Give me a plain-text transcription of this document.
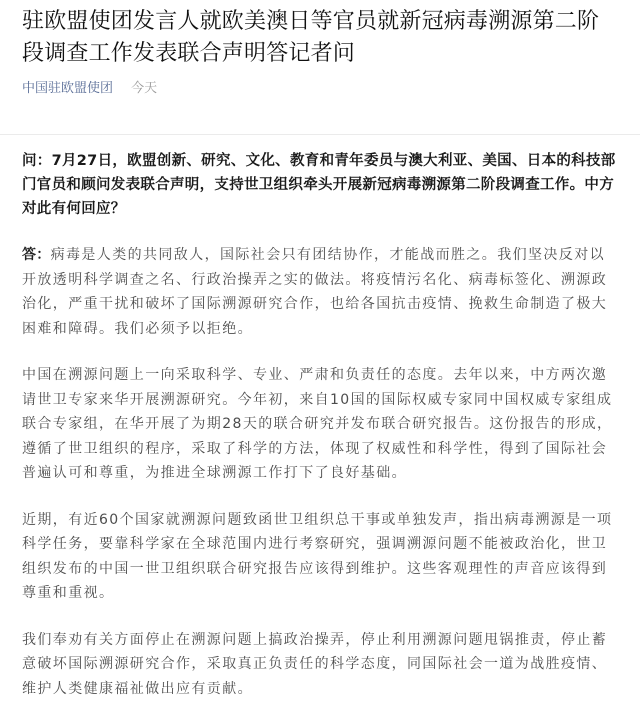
驻欧盟使团发言人就欧美澳日等官员就新冠病毒溯源第二阶段调查工作发表联合声明答记者问
中国驻欧盟使团 今天
问：7月27日，欧盟创新、研究、文化、教育和青年委员与澳大利亚、美国、日本的科技部门官员和顾问发表联合声明，支持世卫组织牵头开展新冠病毒溯源第二阶段调查工作。中方对此有何回应？
答：病毒是人类的共同敌人，国际社会只有团结协作，才能战而胜之。我们坚决反对以开放透明科学调查之名、行政治操弄之实的做法。将疫情污名化、病毒标签化、溯源政治化，严重干扰和破坏了国际溯源研究合作，也给各国抗击疫情、挽救生命制造了极大困难和障碍。我们必须予以拒绝。
中国在溯源问题上一向采取科学、专业、严肃和负责任的态度。去年以来，中方两次邀请世卫专家来华开展溯源研究。今年初，来自10国的国际权威专家同中国权威专家组成联合专家组，在华开展了为期28天的联合研究并发布联合研究报告。这份报告的形成，遵循了世卫组织的程序，采取了科学的方法，体现了权威性和科学性，得到了国际社会普遍认可和尊重，为推进全球溯源工作打下了良好基础。
近期，有近60个国家就溯源问题致函世卫组织总干事或单独发声，指出病毒溯源是一项科学任务，要靠科学家在全球范围内进行考察研究，强调溯源问题不能被政治化，世卫组织发布的中国一世卫组织联合研究报告应该得到维护。这些客观理性的声音应该得到尊重和重视。
我们奉劝有关方面停止在溯源问题上搞政治操弄，停止利用溯源问题甩锅推责，停止蓄意破坏国际溯源研究合作，采取真正负责任的科学态度，同国际社会一道为战胜疫情、维护人类健康福祉做出应有贡献。
